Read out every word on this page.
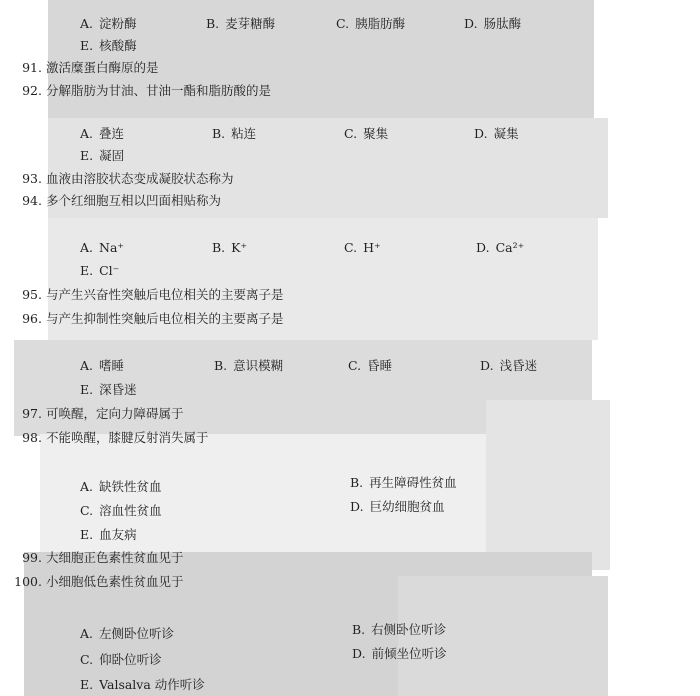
A. 淀粉酶	B. 麦芽糖酶	C. 胰脂肪酶	D. 肠肽酶
E. 核酸酶
91. 激活糜蛋白酶原的是
92. 分解脂肪为甘油、甘油一酯和脂肪酸的是
A. 叠连	B. 粘连	C. 聚集	D. 凝集
E. 凝固
93. 血液由溶胶状态变成凝胶状态称为
94. 多个红细胞互相以凹面相贴称为
A. Na⁺	B. K⁺	C. H⁺	D. Ca²⁺
E. Cl⁻
95. 与产生兴奋性突触后电位相关的主要离子是
96. 与产生抑制性突触后电位相关的主要离子是
A. 嗜睡	B. 意识模糊	C. 昏睡	D. 浅昏迷
E. 深昏迷
97. 可唤醒，定向力障碍属于
98. 不能唤醒，膝腱反射消失属于
A. 缺铁性贫血	B. 再生障碍性贫血
C. 溶血性贫血	D. 巨幼细胞贫血
E. 血友病
99. 大细胞正色素性贫血见于
100. 小细胞低色素性贫血见于
A. 左侧卧位听诊	B. 右侧卧位听诊
C. 仰卧位听诊	D. 前倾坐位听诊
E. Valsalva 动作听诊
